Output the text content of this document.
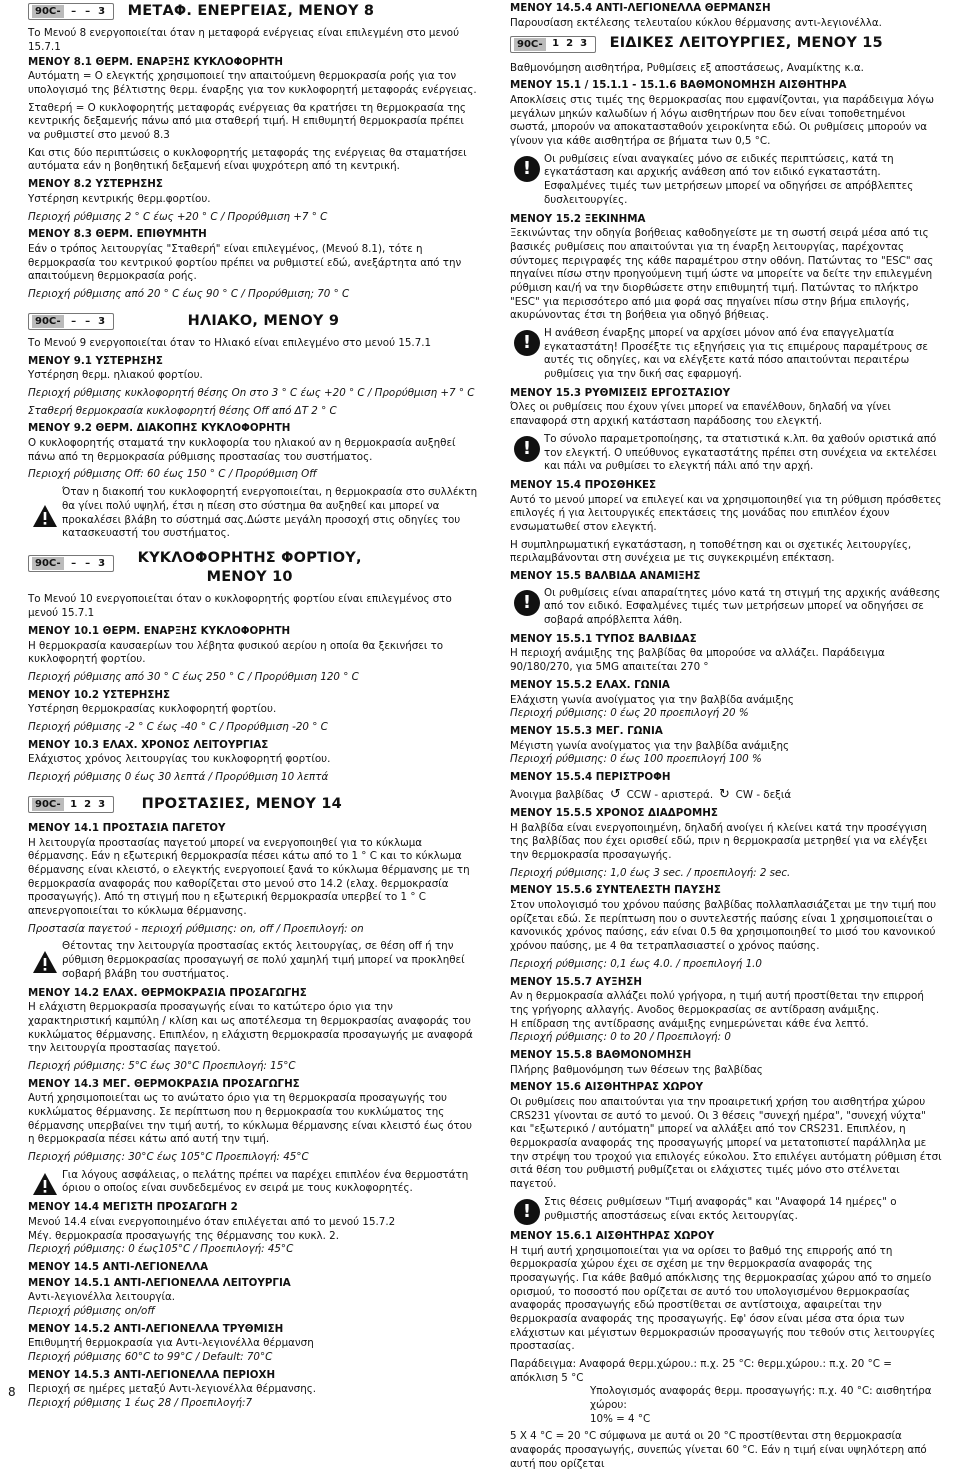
90C-	– – 3 ΜΕΤΑΦ. ΕΝΕΡΓΕΙΑΣ, ΜΕΝΟΥ 8

Το Μενού 8 ενεργοποιείται όταν η μεταφορά ενέργειας είναι επιλεγμένη στο μενού 15.7.1

ΜΕΝΟΥ 8.1 ΘΕΡΜ. ΕΝΑΡΞΗΣ ΚΥΚΛΟΦΟΡΗΤΗ

Αυτόματη = Ο ελεγκτής χρησιμοποιεί την απαιτούμενη θερμοκρασία ροής για τον υπολογισμό της βέλτιστης θερμ. έναρξης για τον κυκλοφορητή μεταφοράς ενέργειας.

Σταθερή = Ο κυκλοφορητής μεταφοράς ενέργειας θα κρατήσει τη θερμοκρασία της κεντρικής δεξαμενής πάνω από μια σταθερή τιμή. Η επιθυμητή θερμοκρασία πρέπει να ρυθμιστεί στο μενού 8.3

Και στις δύο περιπτώσεις ο κυκλοφορητής μεταφοράς της ενέργειας θα σταματήσει αυτόματα εάν η βοηθητική δεξαμενή είναι ψυχρότερη από τη κεντρική.

ΜΕΝΟΥ 8.2 ΥΣΤΕΡΗΣΗΣ

Υστέρηση κεντρικής θερμ.φορτίου.

Περιοχή ρύθμισης 2 ° C έως +20 ° C / Προρύθμιση +7 ° C

ΜΕΝΟΥ 8.3 ΘΕΡΜ. ΕΠΙΘΥΜΗΤΗ

Εάν ο τρόπος λειτουργίας "Σταθερή" είναι επιλεγμένος, (Μενού 8.1), τότε η θερμοκρασία του κεντρικού φορτίου πρέπει να ρυθμιστεί εδώ, ανεξάρτητα από την απαιτούμενη θερμοκρασία ροής.

Περιοχή ρύθμισης από 20 ° C έως 90 ° C / Προρύθμιση; 70 ° C

90C-	– – 3	ΗΛΙΑΚΟ, ΜΕΝΟΥ 9

Το Μενού 9 ενεργοποιείται όταν το Ηλιακό είναι επιλεγμένο στο μενού 15.7.1

ΜΕΝΟΥ 9.1 ΥΣΤΕΡΗΣΗΣ

Υστέρηση θερμ. ηλιακού φορτίου.

Περιοχή ρύθμισης κυκλοφορητή θέσης On στο 3 ° C έως +20 ° C / Προρύθμιση +7 ° C

Σταθερή θερμοκρασία κυκλοφορητή θέσης Off από ΔT 2 ° C

ΜΕΝΟΥ 9.2 ΘΕΡΜ. ΔΙΑΚΟΠΗΣ ΚΥΚΛΟΦΟΡΗΤΗ

Ο κυκλοφορητής σταματά την κυκλοφορία του ηλιακού αν η θερμοκρασία αυξηθεί πάνω από τη θερμοκρασία ρύθμισης προστασίας του συστήματος.

Περιοχή ρύθμισης Off: 60 έως 150 ° C / Προρύθμιση Off

Όταν η διακοπή του κυκλοφορητή ενεργοποιείται, η θερμοκρασία στο συλλέκτη θα γίνει πολύ υψηλή, έτσι η πίεση στο σύστημα θα αυξηθεί και μπορεί να προκαλέσει βλάβη το σύστημά σας.Δώστε μεγάλη προσοχή στις οδηγίες του κατασκευαστή του συστήματος.
90C-	– – 3 ΚΥΚΛΟΦΟΡΗΤΗΣ ΦΟΡΤΙΟΥ,
ΜΕΝΟΥ 10

Το Μενού 10 ενεργοποιείται όταν ο κυκλοφορητής φορτίου είναι επιλεγμένος στο μενού 15.7.1

ΜΕΝΟΥ 10.1 ΘΕΡΜ. ΕΝΑΡΞΗΣ ΚΥΚΛΟΦΟΡΗΤΗ

Η θερμοκρασία καυσαερίων του λέβητα φυσικού αερίου η οποία θα ξεκινήσει το κυκλοφορητή φορτίου.

Περιοχή ρύθμισης από 30 ° C έως 250 ° C / Προρύθμιση 120 ° C

ΜΕΝΟΥ 10.2 ΥΣΤΕΡΗΣΗΣ

Υστέρηση θερμοκρασίας κυκλοφορητή φορτίου.

Περιοχή ρύθμισης -2 ° C έως -40 ° C / Προρύθμιση -20 ° C

ΜΕΝΟΥ 10.3 ΕΛΑΧ. ΧΡΟΝΟΣ ΛΕΙΤΟΥΡΓΙΑΣ

Ελάχιστος χρόνος λειτουργίας του κυκλοφορητή φορτίου.

Περιοχή ρύθμισης 0 έως 30 λεπτά / Προρύθμιση 10 λεπτά

90C- 1 2 3	ΠΡΟΣΤΑΣΙΕΣ, ΜΕΝΟΥ 14

ΜΕΝΟΥ 14.1 ΠΡΟΣΤΑΣΙΑ ΠΑΓΕΤΟΥ

Η λειτουργία προστασίας παγετού μπορεί να ενεργοποιηθεί για το κύκλωμα θέρμανσης. Εάν η εξωτερική θερμοκρασία πέσει κάτω από το 1 ° C και το κύκλωμα θέρμανσης είναι κλειστό, ο ελεγκτής ενεργοποιεί ξανά το κύκλωμα θέρμανσης με τη θερμοκρασία αναφοράς που καθορίζεται στο μενού στο 14.2 (ελαχ. θερμοκρασία προσαγωγής). Από τη στιγμή που η εξωτερική θερμοκρασία υπερβεί το 1 ° C απενεργοποιείται το κύκλωμα θέρμανσης.

Προστασία παγετού - περιοχή ρύθμισης: on, off / Προεπιλογή: on

Θέτοντας την λειτουργία προστασίας εκτός λειτουργίας, σε θέση off ή την ρύθμιση θερμοκρασίας προσαγωγή σε πολύ χαμηλή τιμή μπορεί να προκληθεί σοβαρή βλάβη του συστήματος.

ΜΕΝΟΥ 14.2 ΕΛΑΧ. ΘΕΡΜΟΚΡΑΣΙΑ ΠΡΟΣΑΓΩΓΗΣ

Η ελάχιστη θερμοκρασία προσαγωγής είναι το κατώτερο όριο για την χαρακτηριστική καμπύλη / κλίση και ως αποτέλεσμα τη θερμοκρασίας αναφοράς του κυκλώματος θέρμανσης. Επιπλέον, η ελάχιστη θερμοκρασία προσαγωγής με αναφορά την λειτουργία προστασίας παγετού.

Περιοχή ρύθμισης: 5°C έως 30°C Προεπιλογή: 15°C

ΜΕΝΟΥ 14.3 ΜΕΓ. ΘΕΡΜΟΚΡΑΣΙΑ ΠΡΟΣΑΓΩΓΗΣ

Αυτή χρησιμοποιείται ως το ανώτατο όριο για τη θερμοκρασία προσαγωγής του κυκλώματος θέρμανσης. Σε περίπτωση που η θερμοκρασία του κυκλώματος της θέρμανσης υπερβαίνει την τιμή αυτή, το κύκλωμα θέρμανσης είναι κλειστό έως ότου η θερμοκρασία πέσει κάτω από αυτή την τιμή.

Περιοχή ρύθμισης: 30°C έως 105°C Προεπιλογή: 45°C

Για λόγους ασφάλειας, ο πελάτης πρέπει να παρέχει επιπλέον ένα θερμοστάτη όριου ο οποίος είναι συνδεδεμένος εν σειρά με τους κυκλοφορητές.

ΜΕΝΟΥ 14.4 ΜΕΓΙΣΤΗ ΠΡΟΣΑΓΩΓΗ 2

Μενού 14.4 είναι ενεργοποιημένο όταν επιλέγεται από το μενού 15.7.2

Μέγ. θερμοκρασία προσαγωγής της θέρμανσης του κυκλ. 2.

Περιοχή ρύθμισης: 0 έως105°C / Προεπιλογή: 45°C

ΜΕΝΟΥ 14.5 ΑΝΤΙ-ΛΕΓΙΟΝΕΛΛΑ

ΜΕΝΟΥ 14.5.1 ΑΝΤΙ-ΛΕΓΙΟΝΕΛΛΑ ΛΕΙΤΟΥΡΓΙΑ

Αντι-λεγιονέλλα λειτουργία.

Περιοχή ρύθμισης on/off

ΜΕΝΟΥ 14.5.2 ΑΝΤΙ-ΛΕΓΙΟΝΕΛΛΑ ΤΡΥΘΜΙΣΗ

Επιθυμητή θερμοκρασία για Αντι-λεγιονέλλα θέρμανση

Περιοχή ρύθμισης 60°C to 99°C / Default: 70°C

ΜΕΝΟΥ 14.5.3 ΑΝΤΙ-ΛΕΓΙΟΝΕΛΛΑ ΠΕΡΙΟΧΗ

Περιοχή σε ημέρες μεταξύ Αντι-λεγιονέλλα θέρμανσης.

Περιοχή ρύθμισης 1 έως 28 / Προεπιλογή:7

ΜΕΝΟΥ 14.5.4 ΑΝΤΙ-ΛΕΓΙΟΝΕΛΛΑ ΘΕΡΜΑΝΣΗ

Παρουσίαση εκτέλεσης τελευταίου κύκλου θέρμανσης αντι-λεγιονέλλα.

90C- 1 2 3 ΕΙΔΙΚΕΣ ΛΕΙΤΟΥΡΓΙΕΣ, ΜΕΝΟΥ 15

Βαθμονόμηση αισθητήρα, Ρυθμίσεις εξ αποστάσεως, Αναμίκτης κ.α.

ΜΕΝΟΥ 15.1 / 15.1.1 - 15.1.6 ΒΑΘΜΟΝΟΜΗΣΗ ΑΙΣΘΗΤΗΡΑ

Αποκλίσεις στις τιμές της θερμοκρασίας που εμφανίζονται, για παράδειγμα λόγω μεγάλων μηκών καλωδίων ή λόγω αισθητήρων που δεν είναι τοποθετημένοι σωστά, μπορούν να αποκατασταθούν χειροκίνητα εδώ. Οι ρυθμίσεις μπορούν να γίνουν για κάθε αισθητήρα σε βήματα των 0,5 °C.

!	Οι ρυθμίσεις είναι αναγκαίες μόνο σε ειδικές περιπτώσεις, κατά τη εγκατάσταση και αρχικής ανάθεση από τον ειδικό εγκαταστάτη. Εσφαλμένες τιμές των μετρήσεων μπορεί να οδηγήσει σε απρόβλεπτες δυσλειτουργίες.

ΜΕΝΟΥ 15.2 ΞΕΚΙΝΗΜΑ

Ξεκινώντας την οδηγία βοήθειας καθοδηγείστε με τη σωστή σειρά μέσα από τις βασικές ρυθμίσεις που απαιτούνται για τη έναρξη λειτουργίας, παρέχοντας σύντομες περιγραφές της κάθε παραμέτρου στην οθόνη. Πατώντας το "ESC" σας πηγαίνει πίσω στην προηγούμενη τιμή ώστε να μπορείτε να δείτε την επιλεγμένη ρύθμιση και/ή να την διορθώσετε στην επιθυμητή τιμή. Πατώντας το πλήκτρο "ESC" για περισσότερο από μια φορά σας πηγαίνει πίσω στην βήμα επιλογής, ακυρώνοντας έτσι τη βοήθεια για οδηγό βήθειας.

!	Η ανάθεση έναρξης μπορεί να αρχίσει μόνον από ένα επαγγελματία εγκαταστάτη! Προσέξτε τις εξηγήσεις για τις επιμέρους παραμέτρους σε αυτές τις οδηγίες, και να ελέγξετε κατά πόσο απαιτούνται περαιτέρω ρυθμίσεις για την δική σας εφαρμογή.

ΜΕΝΟΥ 15.3 ΡΥΘΜΙΣΕΙΣ ΕΡΓΟΣΤΑΣΙΟΥ

Όλες οι ρυθμίσεις που έχουν γίνει μπορεί να επανέλθουν, δηλαδή να γίνει επαναφορά στη αρχική κατάσταση παράδοσης του ελεγκτή.

!	Το σύνολο παραμετροποίησης, τα στατιστικά κ.λπ. θα χαθούν οριστικά από τον ελεγκτή. Ο υπεύθυνος εγκαταστάτης πρέπει στη συνέχεια να εκτελέσει και πάλι να ρυθμίσει το ελεγκτή πάλι από την αρχή.

ΜΕΝΟΥ 15.4 ΠΡΟΣΘΗΚΕΣ

Αυτό το μενού μπορεί να επιλεγεί και να χρησιμοποιηθεί για τη ρύθμιση πρόσθετες επιλογές ή για λειτουργικές επεκτάσεις της μονάδας που επιπλέον έχουν ενσωματωθεί στον ελεγκτή.

Η συμπληρωματική εγκατάσταση, η τοποθέτηση και οι σχετικές λειτουργίες, περιλαμβάνονται στη συνέχεια με τις συγκεκριμένη επέκταση.

ΜΕΝΟΥ 15.5 ΒΑΛΒΙΔΑ ΑΝΑΜΙΞΗΣ

!	Οι ρυθμίσεις είναι απαραίτητες μόνο κατά τη στιγμή της αρχικής ανάθεσης από τον ειδικό. Εσφαλμένες τιμές των μετρήσεων μπορεί να οδηγήσει σε σοβαρά απρόβλεπτα λάθη.

ΜΕΝΟΥ 15.5.1 ΤΥΠΟΣ ΒΑΛΒΙΔΑΣ

Η περιοχή ανάμιξης της βαλβίδας θα μπορούσε να αλλάζει. Παράδειγμα 90/180/270, για 5MG απαιτείται 270 °

ΜΕΝΟΥ 15.5.2 ΕΛΑΧ. ΓΩΝΙΑ

Ελάχιστη γωνία ανοίγματος για την βαλβίδα ανάμιξης

Περιοχή ρύθμισης: 0 έως 20 προεπιλογή 20 %

ΜΕΝΟΥ 15.5.3 ΜΕΓ. ΓΩΝΙΑ

Μέγιστη γωνία ανοίγματος για την βαλβίδα ανάμιξης

Περιοχή ρύθμισης: 0 έως 100 προεπιλογή 100 %

ΜΕΝΟΥ 15.5.4 ΠΕΡΙΣΤΡΟΦΗ

Άνοιγμα βαλβίδας ↺ CCW - αριστερά. ↻ CW - δεξιά

ΜΕΝΟΥ 15.5.5 ΧΡΟΝΟΣ ΔΙΑΔΡΟΜΗΣ

Η βαλβίδα είναι ενεργοποιημένη, δηλαδή ανοίγει ή κλείνει κατά την προσέγγιση της βαλβίδας που έχει ορισθεί εδώ, πριν η θερμοκρασία μετρηθεί για να ελέγξει την θερμοκρασία προσαγωγής.

Περιοχή ρύθμισης: 1,0 έως 3 sec. / προεπιλογή: 2 sec.

ΜΕΝΟΥ 15.5.6 ΣΥΝΤΕΛΕΣΤΗ ΠΑΥΣΗΣ

Στον υπολογισμό του χρόνου παύσης βαλβίδας πολλαπλασιάζεται με την τιμή που ορίζεται εδώ. Σε περίπτωση που ο συντελεστής παύσης είναι 1 χρησιμοποιείται ο κανονικός χρόνος παύσης, εάν είναι 0.5 θα χρησιμοποιηθεί το μισό του κανονικού χρόνου παύσης, με 4 θα τετραπλασιαστεί ο χρόνος παύσης.

Περιοχή ρύθμισης: 0,1 έως 4.0. / προεπιλογή 1.0

ΜΕΝΟΥ 15.5.7 ΑΥΞΗΣΗ

Αν η θερμοκρασία αλλάζει πολύ γρήγορα, η τιμή αυτή προστίθεται την επιρροή της γρήγορης αλλαγής. Ανοδος θερμοκρασίας σε αντίδραση ανάμιξης.

Η επίδραση της αντίδρασης ανάμιξης ενημερώνεται κάθε ένα λεπτό.

Περιοχή ρύθμισης: 0 to 20 / Προεπιλογή: 0

ΜΕΝΟΥ 15.5.8 ΒΑΘΜΟΝΟΜΗΣΗ

Πλήρης βαθμονόμηση των θέσεων της βαλβίδας

ΜΕΝΟΥ 15.6 ΑΙΣΘΗΤΗΡΑΣ ΧΩΡΟΥ

Οι ρυθμίσεις που απαιτούνται για την προαιρετική χρήση του αισθητήρα χώρου CRS231 γίνονται σε αυτό το μενού. Οι 3 θέσεις "συνεχή ημέρα", "συνεχή νύχτα" και "εξωτερικό / αυτόματη" μπορεί να αλλάξει από τον CRS231. Επιπλέον, η θερμοκρασία αναφοράς της προσαγωγής μπορεί να μετατοπιστεί παράλληλα με την στρέψη του τροχού για επιλογές εύκολου. Στο επιλέγει αυτόματη ρύθμιση έτσι σιτά θέση του ρυθμιστή ρυθμίζεται οι ελάχιστες τιμές μόνο στο στέλνεται παγετού.

!	Στις θέσεις ρυθμίσεων "Τιμή αναφοράς" και "Αναφορά 14 ημέρες" ο ρυθμιστής αποστάσεως είναι εκτός λειτουργίας.

ΜΕΝΟΥ 15.6.1 ΑΙΣΘΗΤΗΡΑΣ ΧΩΡΟΥ

Η τιμή αυτή χρησιμοποιείται για να ορίσει το βαθμό της επιρροής από τη θερμοκρασία χώρου έχει σε σχέση με την θερμοκρασία αναφοράς της προσαγωγής. Για κάθε βαθμό απόκλισης της θερμοκρασίας χώρου από το σημείο ορισμού, το ποσοστό που ορίζεται σε αυτό του υπολογισμένου θερμοκρασίας αναφοράς προσαγωγής εδώ προστίθεται σε αντίστοιχα, αφαιρείται την θερμοκρασία αναφοράς της προσαγωγής. Εφ' όσον είναι μέσα στα όρια των ελάχιστων και μέγιστων θερμοκρασιών προσαγωγής που τεθούν στις λειτουργίες προστασίας.

Παράδειγμα: Αναφορά θερμ.χώρου.: π.χ. 25 °C: θερμ.χώρου.: π.χ. 20 °C = απόκλιση 5 °C

Υπολογισμός αναφοράς θερμ. προσαγωγής: π.χ. 40 °C: αισθητήρα χώρου:

10% = 4 °C

5 X 4 °C = 20 °C σύμφωνα με αυτά οι 20 °C προστίθενται στη θερμοκρασία αναφοράς προσαγωγής, συνεπώς γίνεται 60 °C. Εάν η τιμή είναι υψηλότερη από αυτή που ορίζεται

8
